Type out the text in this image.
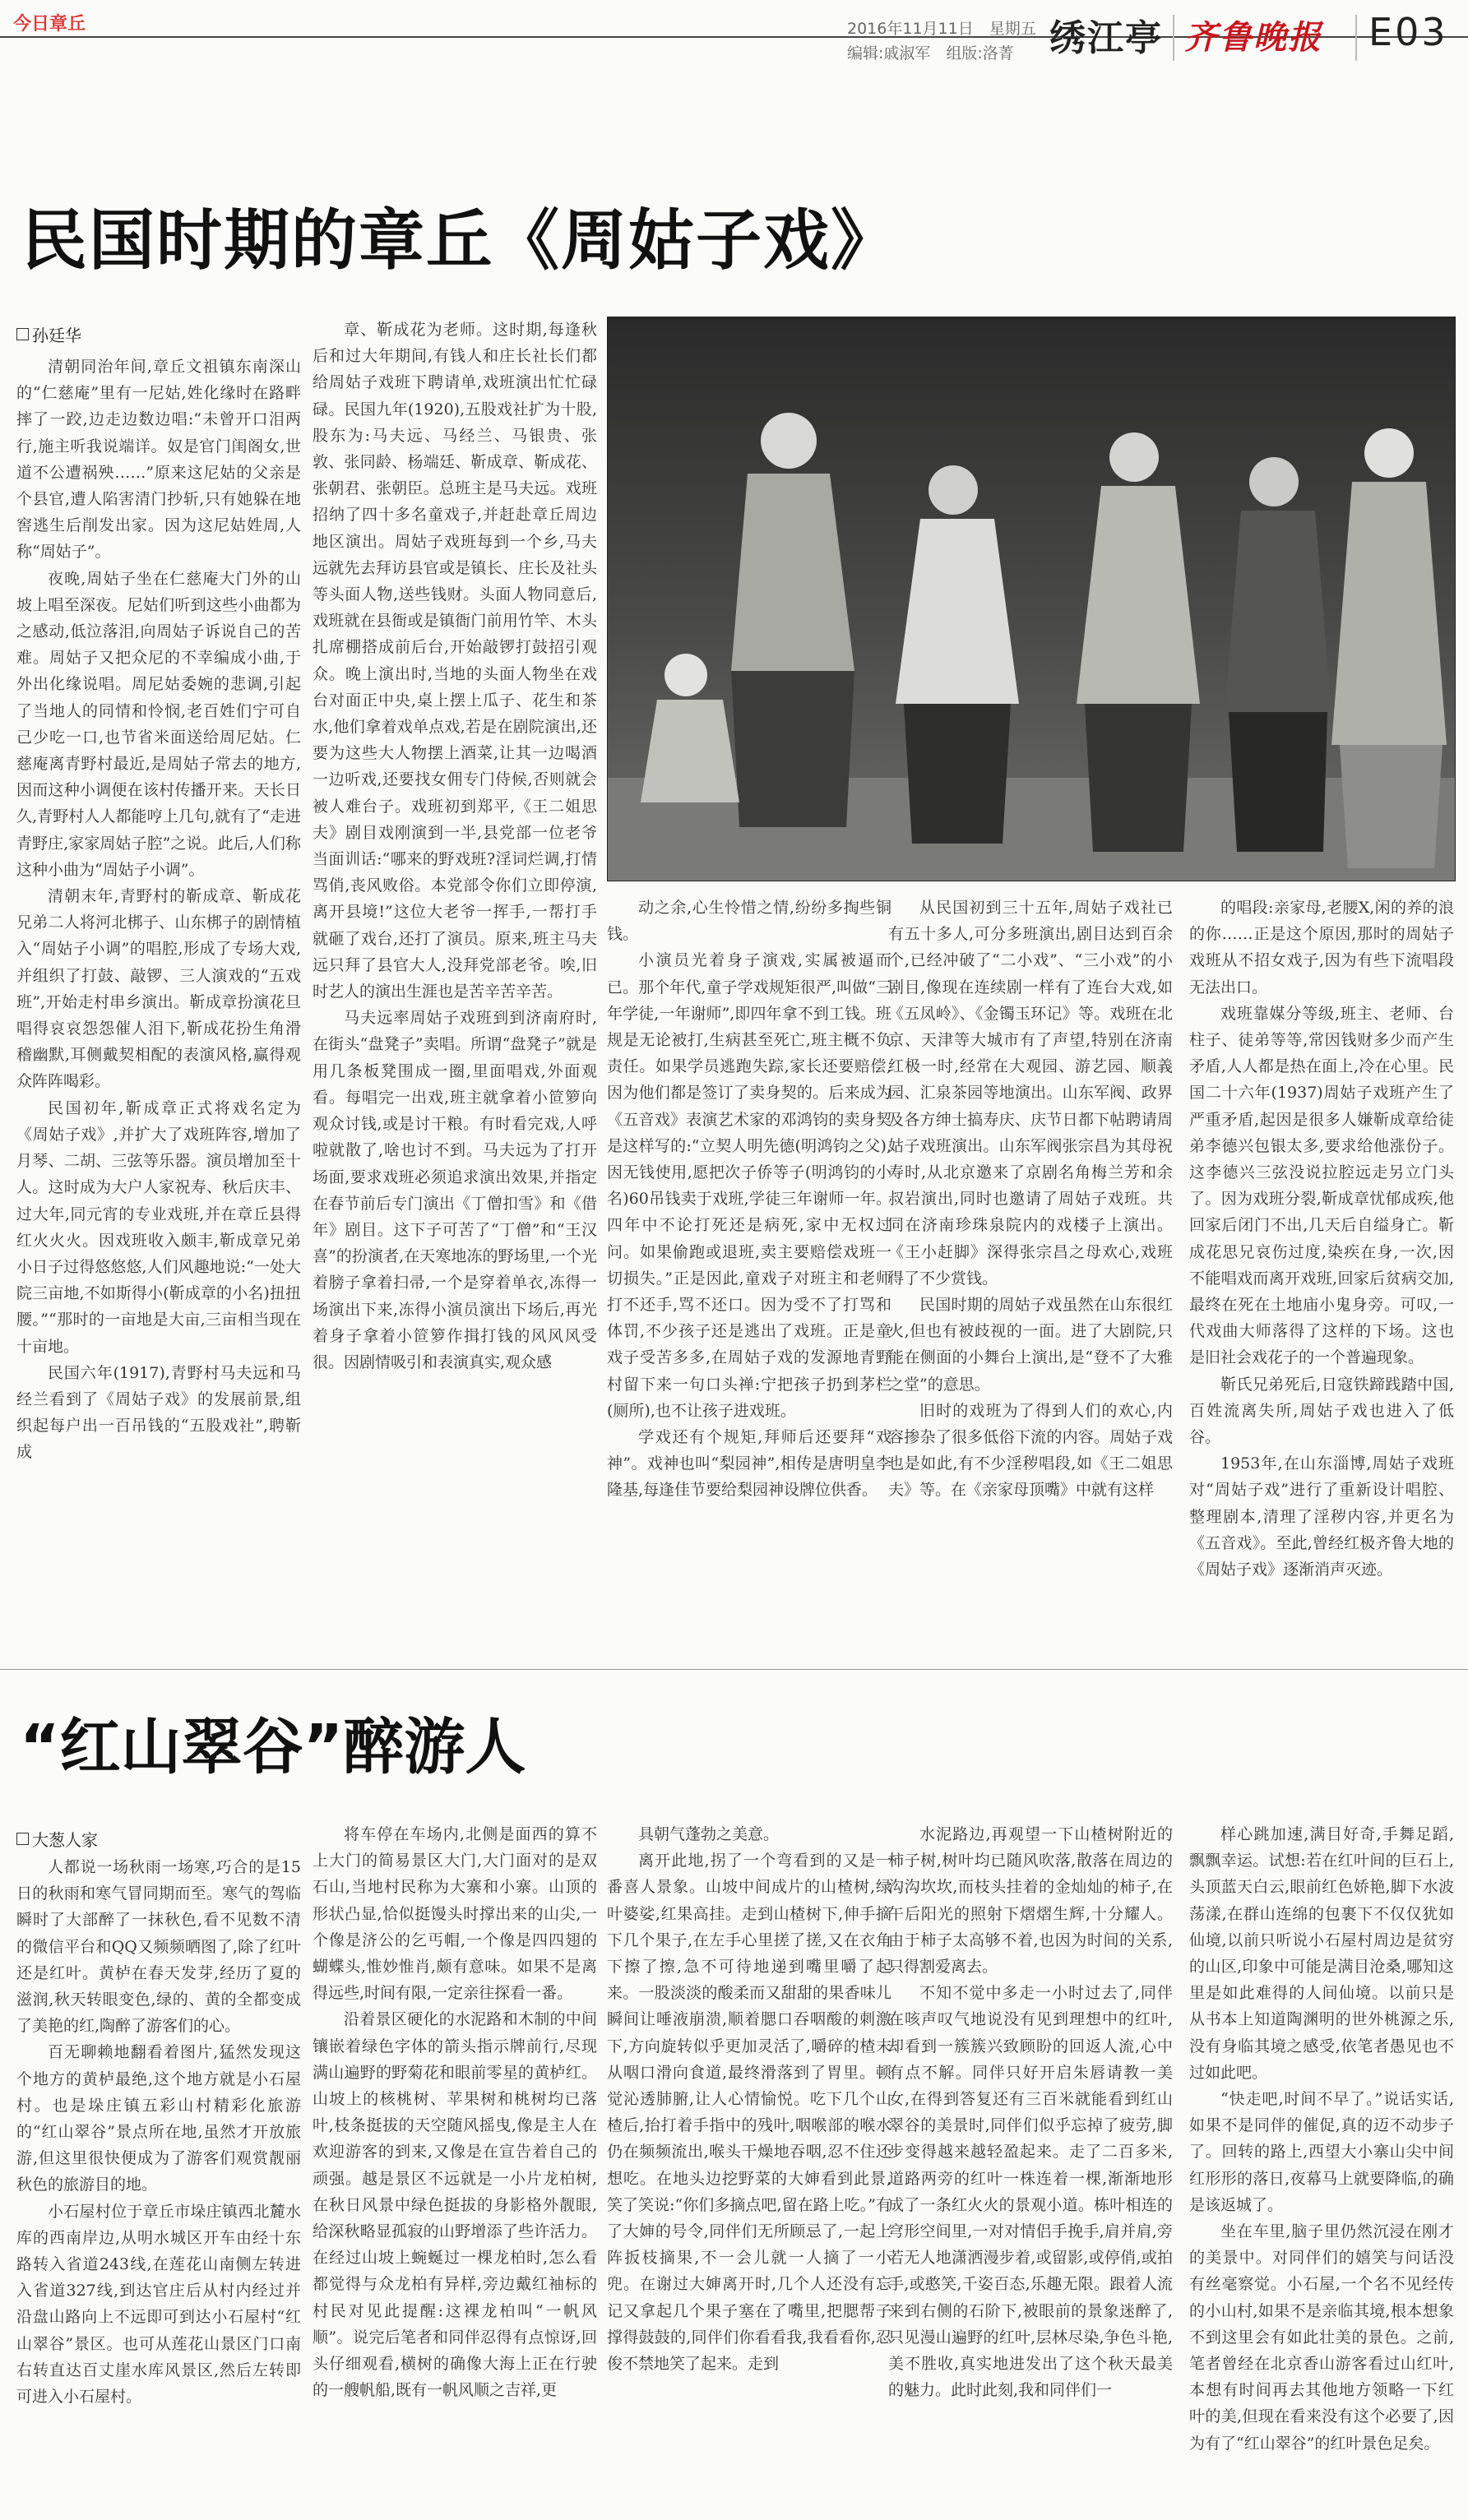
今日章丘	2016年11月11日　星期五
编辑:戚淑军　组版:洛菁 绣江亭 齐鲁晚报 E03
民国时期的章丘《周姑子戏》
孙廷华

清朝同治年间,章丘文祖镇东南深山的“仁慈庵”里有一尼姑,姓化缘时在路畔摔了一跤,边走边数边唱:“未曾开口泪两行,施主听我说端详。奴是官门闺阁女,世道不公遭祸殃……”原来这尼姑的父亲是个县官,遭人陷害清门抄斩,只有她躲在地窖逃生后削发出家。因为这尼姑姓周,人称“周姑子”。

夜晚,周姑子坐在仁慈庵大门外的山坡上唱至深夜。尼姑们听到这些小曲都为之感动,低泣落泪,向周姑子诉说自己的苦难。周姑子又把众尼的不幸编成小曲,于外出化缘说唱。周尼姑委婉的悲调,引起了当地人的同情和怜悯,老百姓们宁可自己少吃一口,也节省米面送给周尼姑。仁慈庵离青野村最近,是周姑子常去的地方,因而这种小调便在该村传播开来。天长日久,青野村人人都能哼上几句,就有了“走进青野庄,家家周姑子腔”之说。此后,人们称这种小曲为“周姑子小调”。

清朝末年,青野村的靳成章、靳成花兄弟二人将河北梆子、山东梆子的剧情植入“周姑子小调”的唱腔,形成了专场大戏,并组织了打鼓、敲锣、三人演戏的“五戏班”,开始走村串乡演出。靳成章扮演花旦唱得哀哀怨怨催人泪下,靳成花扮生角滑稽幽默,耳侧戴契相配的表演风格,赢得观众阵阵喝彩。

民国初年,靳成章正式将戏名定为《周姑子戏》,并扩大了戏班阵容,增加了月琴、二胡、三弦等乐器。演员增加至十人。这时成为大户人家祝寿、秋后庆丰、过大年,同元宵的专业戏班,并在章丘县得红火火火。因戏班收入颇丰,靳成章兄弟小日子过得悠悠悠,人们风趣地说:“一处大院三亩地,不如斯得小(靳成章的小名)扭扭腰。”“那时的一亩地是大亩,三亩相当现在十亩地。

民国六年(1917),青野村马夫远和马经兰看到了《周姑子戏》的发展前景,组织起每户出一百吊钱的“五股戏社”,聘靳成

章、靳成花为老师。这时期,每逢秋后和过大年期间,有钱人和庄长社长们都给周姑子戏班下聘请单,戏班演出忙忙碌碌。民国九年(1920),五股戏社扩为十股,股东为:马夫远、马经兰、马银贵、张敦、张同龄、杨端廷、靳成章、靳成花、张朝君、张朝臣。总班主是马夫远。戏班招纳了四十多名童戏子,并赶赴章丘周边地区演出。周姑子戏班每到一个乡,马夫远就先去拜访县官或是镇长、庄长及社头等头面人物,送些钱财。头面人物同意后,戏班就在县衙或是镇衙门前用竹竿、木头扎席棚搭成前后台,开始敲锣打鼓招引观众。晚上演出时,当地的头面人物坐在戏台对面正中央,桌上摆上瓜子、花生和茶水,他们拿着戏单点戏,若是在剧院演出,还要为这些大人物摆上酒菜,让其一边喝酒一边听戏,还要找女佣专门侍候,否则就会被人难台子。戏班初到郑平,《王二姐思夫》剧目戏刚演到一半,县党部一位老爷当面训话:“哪来的野戏班?淫词烂调,打情骂俏,丧风败俗。本党部令你们立即停演,离开县境!”这位大老爷一挥手,一帮打手就砸了戏台,还打了演员。原来,班主马夫远只拜了县官大人,没拜党部老爷。唉,旧时艺人的演出生涯也是苦辛苦辛苦。

马夫远率周姑子戏班到到济南府时,在街头“盘凳子”卖唱。所谓“盘凳子”就是用几条板凳围成一圈,里面唱戏,外面观看。每唱完一出戏,班主就拿着小笸箩向观众讨钱,或是讨干粮。有时看完戏,人呼啦就散了,啥也讨不到。马夫远为了打开场面,要求戏班必须追求演出效果,并指定在春节前后专门演出《丁僧扣雪》和《借年》剧目。这下子可苦了“丁僧”和“王汉喜”的扮演者,在天寒地冻的野场里,一个光着膀子拿着扫帚,一个是穿着单衣,冻得一场演出下来,冻得小演员演出下场后,再光着身子拿着小笸箩作揖打钱的风风风受很。因剧情吸引和表演真实,观众感

动之余,心生怜惜之情,纷纷多掏些铜钱。

小演员光着身子演戏,实属被逼而已。那个年代,童子学戏规矩很严,叫做“三年学徒,一年谢师”,即四年拿不到工钱。班规是无论被打,生病甚至死亡,班主概不负责任。如果学员逃跑失踪,家长还要赔偿,因为他们都是签订了卖身契的。后来成为《五音戏》表演艺术家的邓鸿钧的卖身契是这样写的:“立契人明先德(明鸿钧之父),因无钱使用,愿把次子侨等子(明鸿钧的小名)60吊钱卖于戏班,学徒三年谢师一年。四年中不论打死还是病死,家中无权过问。如果偷跑或退班,卖主要赔偿戏班一切损失。”正是因此,童戏子对班主和老师打不还手,骂不还口。因为受不了打骂和体罚,不少孩子还是逃出了戏班。正是童戏子受苦多多,在周姑子戏的发源地青野村留下来一句口头禅:宁把孩子扔到茅栏(厕所),也不让孩子进戏班。

学戏还有个规矩,拜师后还要拜“戏神”。戏神也叫“梨园神”,相传是唐明皇李隆基,每逢佳节要给梨园神设牌位供香。

从民国初到三十五年,周姑子戏社已有五十多人,可分多班演出,剧目达到百余个,已经冲破了“二小戏”、“三小戏”的小剧目,像现在连续剧一样有了连台大戏,如《五凤岭》、《金镯玉环记》等。戏班在北京、天津等大城市有了声望,特别在济南红极一时,经常在大观园、游艺园、顺義园、汇泉茶园等地演出。山东军阀、政界及各方绅士搞寿庆、庆节日都下帖聘请周姑子戏班演出。山东军阀张宗昌为其母祝寿时,从北京邀来了京剧名角梅兰芳和余叔岩演出,同时也邀请了周姑子戏班。共同在济南珍珠泉院内的戏楼子上演出。《王小赶脚》深得张宗昌之母欢心,戏班得了不少赏钱。

民国时期的周姑子戏虽然在山东很红火,但也有被歧视的一面。进了大剧院,只能在侧面的小舞台上演出,是“登不了大雅之堂”的意思。

旧时的戏班为了得到人们的欢心,内容掺杂了很多低俗下流的内容。周姑子戏也是如此,有不少淫秽唱段,如《王二姐思夫》等。在《亲家母顶嘴》中就有这样

的唱段:亲家母,老腰X,闲的养的浪的你……正是这个原因,那时的周姑子戏班从不招女戏子,因为有些下流唱段无法出口。

戏班靠媒分等级,班主、老师、台柱子、徒弟等等,常因钱财多少而产生矛盾,人人都是热在面上,冷在心里。民国二十六年(1937)周姑子戏班产生了严重矛盾,起因是很多人嫌靳成章给徒弟李德兴包银太多,要求给他涨份子。这李德兴三弦没说拉腔远走另立门头了。因为戏班分裂,靳成章忧郁成疾,他回家后闭门不出,几天后自缢身亡。靳成花思兄哀伤过度,染疾在身,一次,因不能唱戏而离开戏班,回家后贫病交加,最终在死在土地庙小鬼身旁。可叹,一代戏曲大师落得了这样的下场。这也是旧社会戏花子的一个普遍现象。

靳氏兄弟死后,日寇铁蹄践踏中国,百姓流离失所,周姑子戏也进入了低谷。

1953年,在山东淄博,周姑子戏班对“周姑子戏”进行了重新设计唱腔、整理剧本,清理了淫秽内容,并更名为《五音戏》。至此,曾经红极齐鲁大地的《周姑子戏》逐渐消声灭迹。

“红山翠谷”醉游人
大葱人家

人都说一场秋雨一场寒,巧合的是15日的秋雨和寒气冒同期而至。寒气的驾临瞬时了大部醉了一抹秋色,看不见数不清的微信平台和QQ又频频晒图了,除了红叶还是红叶。黄栌在春天发芽,经历了夏的滋润,秋天转眼变色,绿的、黄的全都变成了美艳的红,陶醉了游客们的心。

百无聊赖地翻看着图片,猛然发现这个地方的黄栌最绝,这个地方就是小石屋村。也是垛庄镇五彩山村精彩化旅游的“红山翠谷”景点所在地,虽然才开放旅游,但这里很快便成为了游客们观赏靓丽秋色的旅游目的地。

小石屋村位于章丘市垛庄镇西北麓水库的西南岸边,从明水城区开车由经十东路转入省道243线,在莲花山南侧左转进入省道327线,到达官庄后从村内经过并沿盘山路向上不远即可到达小石屋村“红山翠谷”景区。也可从莲花山景区门口南右转直达百丈崖水库风景区,然后左转即可进入小石屋村。

将车停在车场内,北侧是面西的算不上大门的简易景区大门,大门面对的是双石山,当地村民称为大寨和小寨。山顶的形状凸显,恰似挺馒头时撑出来的山尖,一个像是济公的乞丐帽,一个像是四四翅的蝴蝶头,惟妙惟肖,颇有意味。如果不是离得远些,时间有限,一定亲往探看一番。

沿着景区硬化的水泥路和木制的中间镶嵌着绿色字体的箭头指示牌前行,尽现满山遍野的野菊花和眼前零星的黄栌红。山坡上的核桃树、苹果树和桃树均已落叶,枝条挺拔的天空随风摇曳,像是主人在欢迎游客的到来,又像是在宣告着自己的顽强。越是景区不远就是一小片龙柏树,在秋日风景中绿色挺拔的身影格外靓眼,给深秋略显孤寂的山野增添了些许活力。在经过山坡上蜿蜒过一棵龙柏时,怎么看都觉得与众龙柏有异样,旁边戴红袖标的村民对见此提醒:这裸龙柏叫“一帆风顺”。说完后笔者和同伴忍得有点惊讶,回头仔细观看,横树的确像大海上正在行驶的一艘帆船,既有一帆风顺之吉祥,更

具朝气蓬勃之美意。

离开此地,拐了一个弯看到的又是一番喜人景象。山坡中间成片的山楂树,绿叶婆娑,红果高挂。走到山楂树下,伸手摘下几个果子,在左手心里搓了搓,又在衣角下擦了擦,急不可待地递到嘴里嚼了起来。一股淡淡的酸柔而又甜甜的果香味儿瞬间让唾液崩溃,顺着腮口吞咽酸的刺激下,方向旋转似乎更加灵活了,嚼碎的楂末从咽口滑向食道,最终滑落到了胃里。顿觉沁透肺腑,让人心情愉悦。吃下几个山楂后,抬打着手指中的残叶,咽喉部的喉水仍在频频流出,喉头干燥地吞咽,忍不住还想吃。在地头边挖野菜的大婶看到此景,笑了笑说:“你们多摘点吧,留在路上吃。”有了大婶的号令,同伴们无所顾忌了,一起上阵扳枝摘果,不一会儿就一人摘了一小兜。在谢过大婶离开时,几个人还没有忘记又拿起几个果子塞在了嘴里,把腮帮子撑得鼓鼓的,同伴们你看看我,我看看你,忍俊不禁地笑了起来。走到

水泥路边,再观望一下山楂树附近的柿子树,树叶均已随风吹落,散落在周边的沟沟坎坎,而枝头挂着的金灿灿的柿子,在午后阳光的照射下熠熠生辉,十分耀人。由于柿子太高够不着,也因为时间的关系,只得割爱离去。

不知不觉中多走一小时过去了,同伴在咳声叹气地说没有见到理想中的红叶,却看到一簇簇兴致顾盼的回返人流,心中有点不解。同伴只好开启朱唇请教一美女,在得到答复还有三百米就能看到红山翠谷的美景时,同伴们似乎忘掉了疲劳,脚步变得越来越轻盈起来。走了二百多米,道路两旁的红叶一株连着一棵,渐渐地形成了一条红火火的景观小道。栋叶相连的穹形空间里,一对对情侣手挽手,肩并肩,旁若无人地潇洒漫步着,或留影,或停俏,或拍手,或憨笑,千姿百态,乐趣无限。跟着人流来到右侧的石阶下,被眼前的景象迷醉了,只见漫山遍野的红叶,层林尽染,争色斗艳,美不胜收,真实地进发出了这个秋天最美的魅力。此时此刻,我和同伴们一

样心跳加速,满目好奇,手舞足蹈,飘飘幸运。试想:若在红叶间的巨石上,头顶蓝天白云,眼前红色娇艳,脚下水波荡漾,在群山连绵的包裹下不仅仅犹如仙境,以前只听说小石屋村周边是贫穷的山区,印象中可能是满目沧桑,哪知这里是如此难得的人间仙境。以前只是从书本上知道陶渊明的世外桃源之乐,没有身临其境之感受,依笔者愚见也不过如此吧。

“快走吧,时间不早了。”说话实话,如果不是同伴的催促,真的迈不动步子了。回转的路上,西望大小寨山尖中间红形形的落日,夜幕马上就要降临,的确是该返城了。

坐在车里,脑子里仍然沉浸在刚才的美景中。对同伴们的嬉笑与问话没有丝毫察觉。小石屋,一个名不见经传的小山村,如果不是亲临其境,根本想象不到这里会有如此壮美的景色。之前,笔者曾经在北京香山游客看过山红叶,本想有时间再去其他地方领略一下红叶的美,但现在看来没有这个必要了,因为有了“红山翠谷”的红叶景色足矣。
